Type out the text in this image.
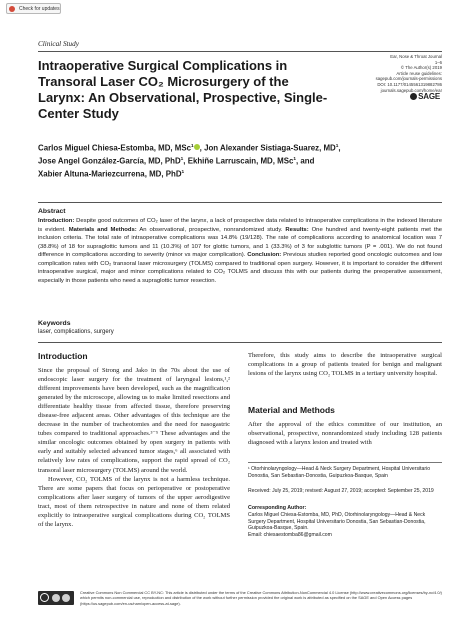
Check for updates
Clinical Study
Ear, Nose & Throat Journal
1–6
© The Author(s) 2019
Article reuse guidelines:
sagepub.com/journals-permissions
DOI: 10.1177/0145561319882786
journals.sagepub.com/home/ear
SAGE
Intraoperative Surgical Complications in Transoral Laser CO₂ Microsurgery of the Larynx: An Observational, Prospective, Single-Center Study
Carlos Miguel Chiesa-Estomba, MD, MSc$^1$ , Jon Alexander Sistiaga-Suarez, $MD^1$,
Jose Angel González-García, MD, PhD$^1$, Ekhiñe Larruscain, MD, MSc$^1$, and
Xabier Altuna-Mariezcurrena, MD, PhD$^1$
Abstract
Introduction: Despite good outcomes of CO₂ laser of the larynx, a lack of prospective data related to intraoperative complications in the indexed literature is evident. Materials and Methods: An observational, prospective, nonrandomized study. Results: One hundred and twenty-eight patients met the inclusion criteria. The total rate of intraoperative complications was 14.8% (19/128). The rate of complications according to anatomical location was 7 (38.8%) of 18 for supraglottic tumors and 11 (10.3%) of 107 for glottic tumors, and 1 (33.3%) of 3 for subglottic tumors (P = .001). We do not found difference in complications according to severity (minor vs major complication). Conclusion: Previous studies reported good oncologic outcomes and low complication rates with CO₂ transoral laser microsurgery (TOLMS) compared to traditional open surgery. However, it is important to consider the different intraoperative surgical, major and minor complications related to CO₂ TOLMS and discuss this with our patients during the preoperative assessment, especially in those patients who need a supraglottic tumor resection.
Keywords
laser, complications, surgery
Introduction

Since the proposal of Strong and Jako in the 70s about the use of endoscopic laser surgery for the treatment of laryngeal lesions,¹,² different improvements have been developed, such as the magnification generated by the microscope, allowing us to make limited resections and differentiate healthy tissue from affected tissue, therefore preserving disease-free adjacent areas. Other advantages of this technique are the decrease in the number of tracheotomies and the need for nasogastric tubes compared to traditional approaches.³⁻⁵ These advantages and the similar oncologic outcomes obtained by open surgery in patients with early and suitably selected advanced tumor stages,⁶ all associated with relatively low rates of complications, support the rapid spread of CO₂ transoral laser microsurgery (TOLMS) around the world.

However, CO₂ TOLMS of the larynx is not a harmless technique. There are some papers that focus on perioperative or postoperative complications after laser surgery of tumors of the upper aerodigestive tract, most of them retrospective in nature and none of them related explicitly to intraoperative surgical complications during CO₂ TOLMS of the larynx.

Therefore, this study aims to describe the intraoperative surgical complications in a group of patients treated for benign and malignant lesions of the larynx using CO₂ TOLMS in a tertiary university hospital.
Material and Methods
After the approval of the ethics committee of our institution, an observational, prospective, nonrandomized study including 128 patients diagnosed with a larynx lesion and treated with
¹ Otorhinolaryngology—Head & Neck Surgery Department, Hospital Universitario Donostia, San Sebastian-Donostia, Guipuzkoa-Basque, Spain
Received: July 25, 2019; revised: August 27, 2019; accepted: September 25, 2019
Corresponding Author:
Carlos Miguel Chiesa-Estomba, MD, PhD, Otorhinolaryngology—Head & Neck Surgery Department, Hospital Universitario Donostia, San Sebastian-Donostia, Guipuzkoa-Basque, Spain.
Email: chiesaestomba86@gmail.com
Creative Commons Non Commercial CC BY-NC: This article is distributed under the terms of the Creative Commons Attribution-NonCommercial 4.0 License (http://www.creativecommons.org/licenses/by-nc/4.0/) which permits non-commercial use, reproduction and distribution of the work without further permission provided the original work is attributed as specified on the SAGE and Open Access pages (https://us.sagepub.com/en-us/nam/open-access-at-sage).
